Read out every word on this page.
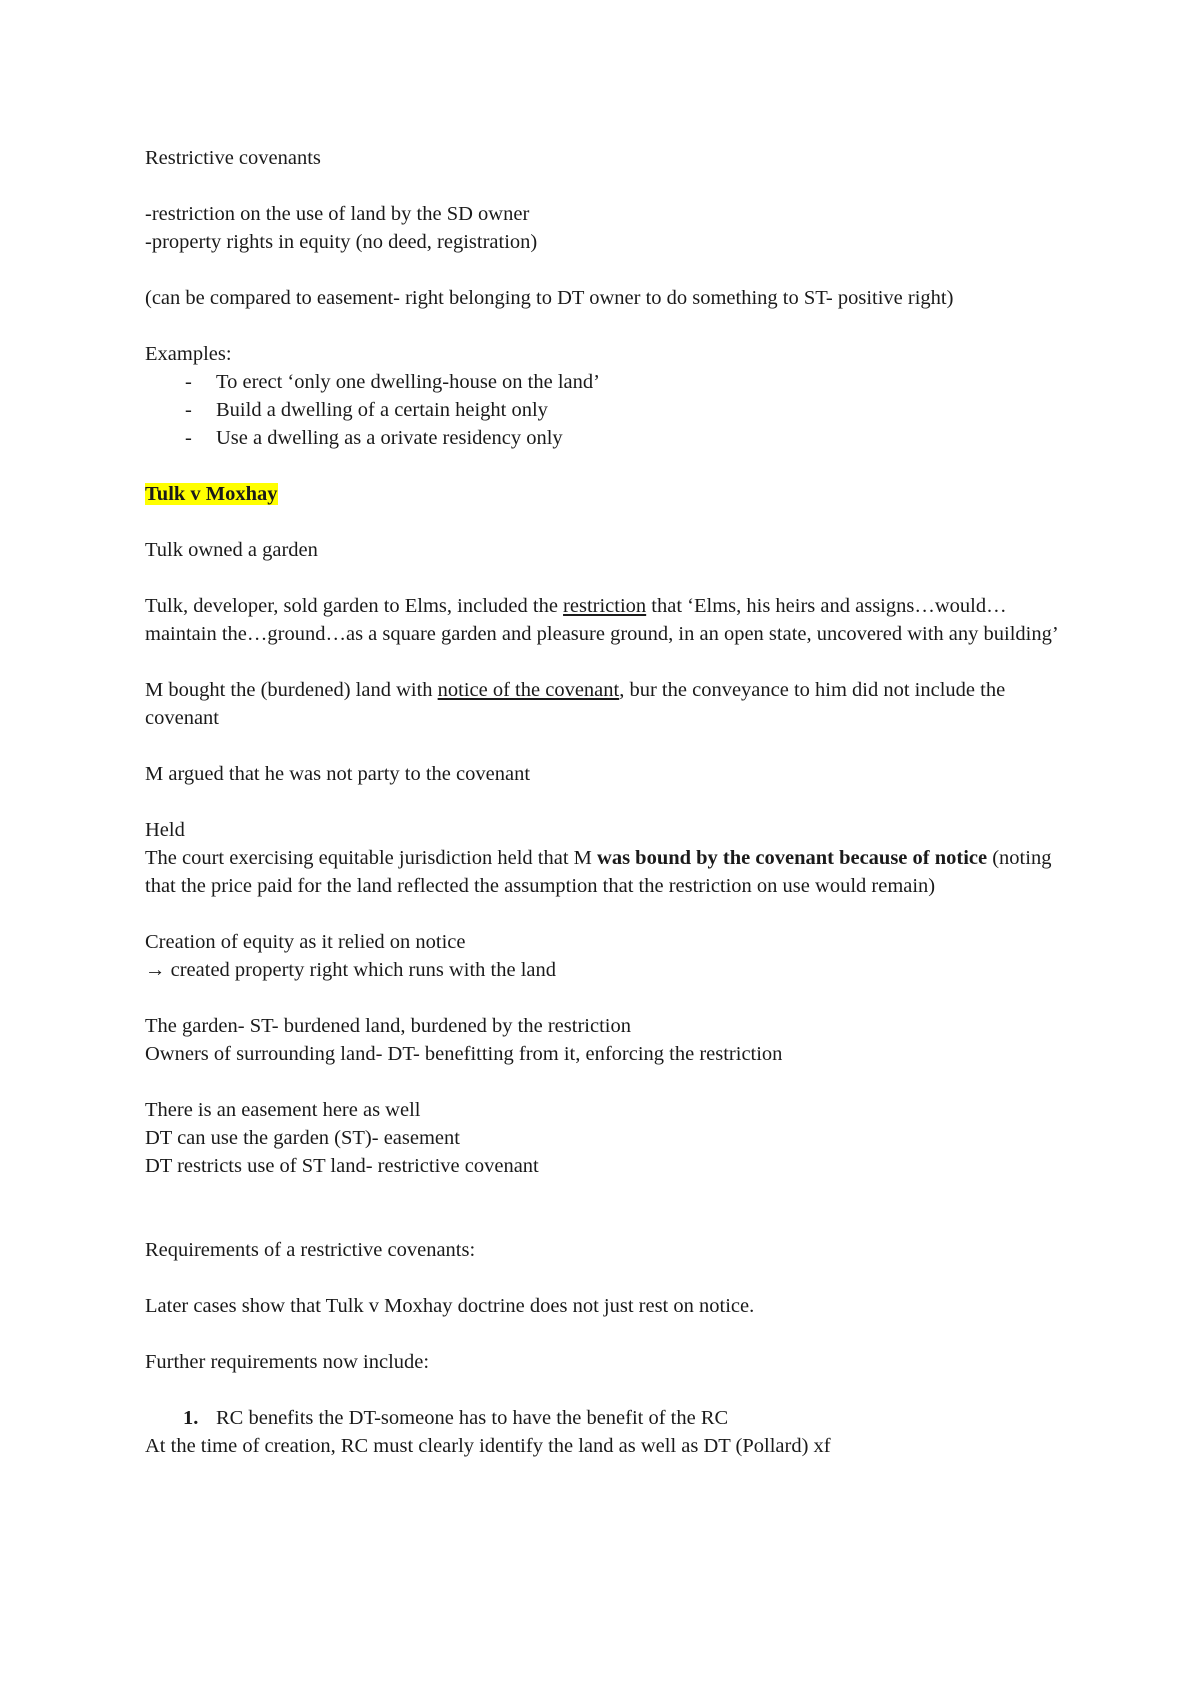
Restrictive covenants

-restriction on the use of land by the SD owner

-property rights in equity (no deed, registration)

(can be compared to easement- right belonging to DT owner to do something to ST- positive right)

Examples:

- To erect ‘only one dwelling-house on the land’
- Build a dwelling of a certain height only
- Use a dwelling as a orivate residency only

Tulk v Moxhay

Tulk owned a garden

Tulk, developer, sold garden to Elms, included the restriction that ‘Elms, his heirs and assigns…would…maintain the…ground…as a square garden and pleasure ground, in an open state, uncovered with any building’

M bought the (burdened) land with notice of the covenant, bur the conveyance to him did not include the covenant

M argued that he was not party to the covenant

Held

The court exercising equitable jurisdiction held that M was bound by the covenant because of notice (noting that the price paid for the land reflected the assumption that the restriction on use would remain)

Creation of equity as it relied on notice

→ created property right which runs with the land

The garden- ST- burdened land, burdened by the restriction

Owners of surrounding land- DT- benefitting from it, enforcing the restriction

There is an easement here as well

DT can use the garden (ST)- easement

DT restricts use of ST land- restrictive covenant

Requirements of a restrictive covenants:

Later cases show that Tulk v Moxhay doctrine does not just rest on notice.

Further requirements now include:

1. RC benefits the DT-someone has to have the benefit of the RC

At the time of creation, RC must clearly identify the land as well as DT (Pollard) xf
